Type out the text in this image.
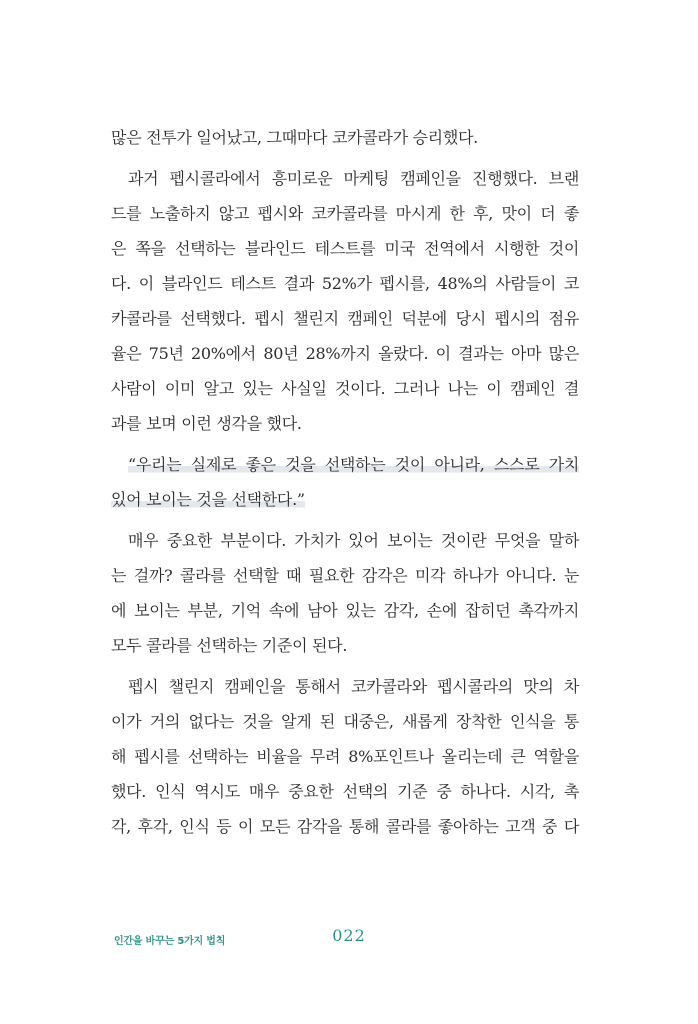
많은 전투가 일어났고, 그때마다 코카콜라가 승리했다.
과거 펩시콜라에서 흥미로운 마케팅 캠페인을 진행했다. 브랜
드를 노출하지 않고 펩시와 코카콜라를 마시게 한 후, 맛이 더 좋
은 쪽을 선택하는 블라인드 테스트를 미국 전역에서 시행한 것이
다. 이 블라인드 테스트 결과 52%가 펩시를, 48%의 사람들이 코
카콜라를 선택했다. 펩시 챌린지 캠페인 덕분에 당시 펩시의 점유
율은 75년 20%에서 80년 28%까지 올랐다. 이 결과는 아마 많은
사람이 이미 알고 있는 사실일 것이다. 그러나 나는 이 캠페인 결
과를 보며 이런 생각을 했다.
“우리는 실제로 좋은 것을 선택하는 것이 아니라, 스스로 가치
있어 보이는 것을 선택한다.”
매우 중요한 부분이다. 가치가 있어 보이는 것이란 무엇을 말하
는 걸까? 콜라를 선택할 때 필요한 감각은 미각 하나가 아니다. 눈
에 보이는 부분, 기억 속에 남아 있는 감각, 손에 잡히던 촉각까지
모두 콜라를 선택하는 기준이 된다.
펩시 챌린지 캠페인을 통해서 코카콜라와 펩시콜라의 맛의 차
이가 거의 없다는 것을 알게 된 대중은, 새롭게 장착한 인식을 통
해 펩시를 선택하는 비율을 무려 8%포인트나 올리는데 큰 역할을
했다. 인식 역시도 매우 중요한 선택의 기준 중 하나다. 시각, 촉
각, 후각, 인식 등 이 모든 감각을 통해 콜라를 좋아하는 고객 중 다
인간을 바꾸는 5가지 법칙	022
